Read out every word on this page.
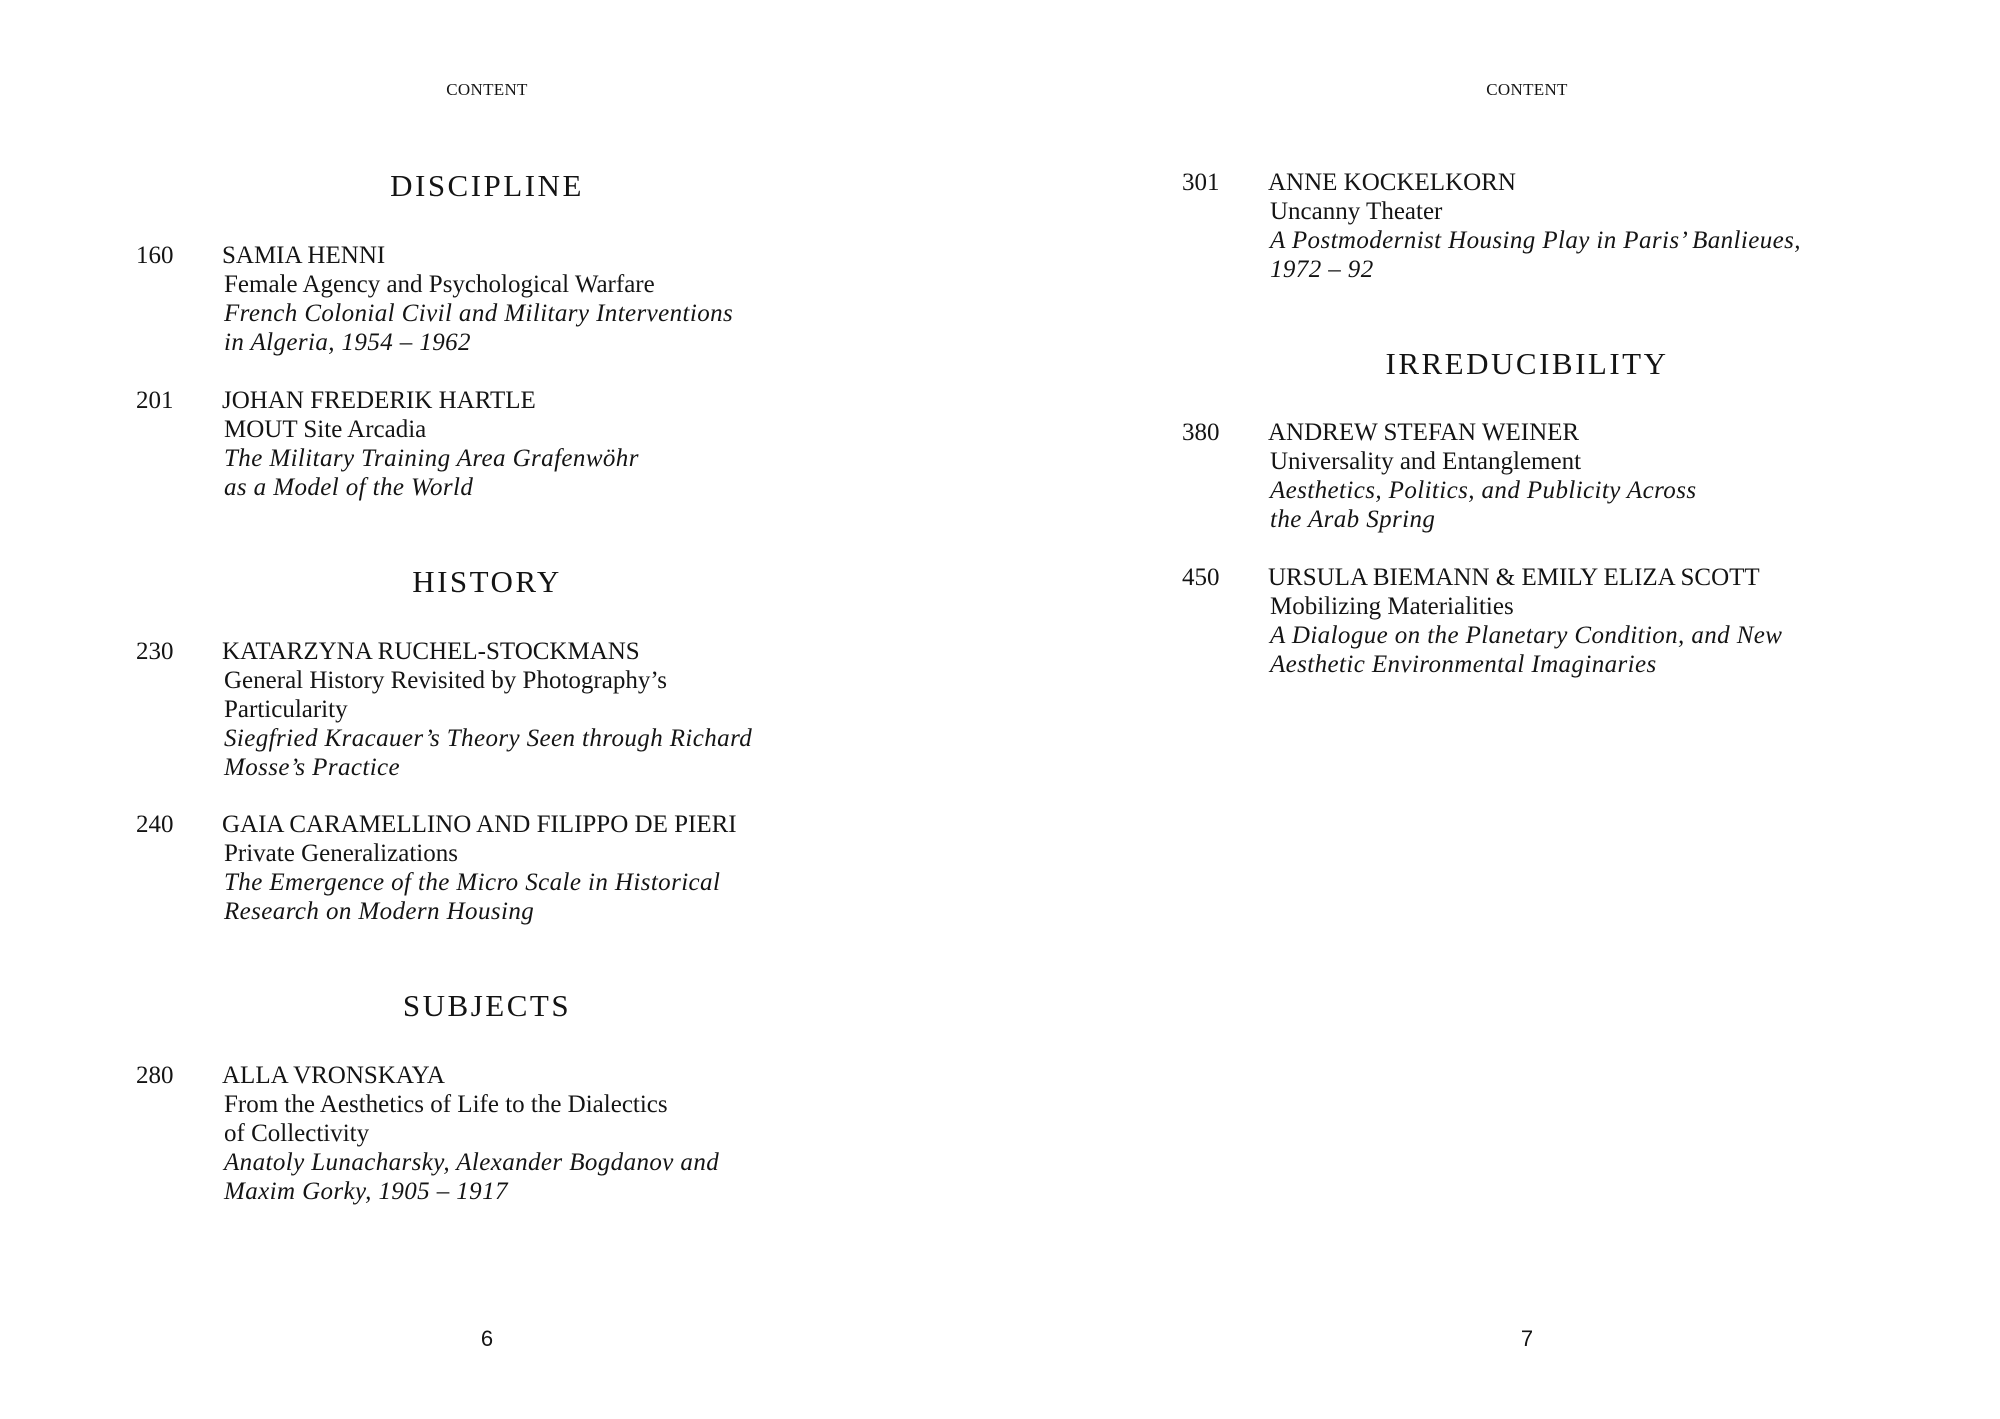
CONTENT
DISCIPLINE
160 SAMIA HENNI

Female Agency and Psychological Warfare

French Colonial Civil and Military Interventions

in Algeria, 1954 – 1962

201 JOHAN FREDERIK HARTLE

MOUT Site Arcadia

The Military Training Area Grafenwöhr

as a Model of the World

HISTORY
230 KATARZYNA RUCHEL-STOCKMANS

General History Revisited by Photography’s

Particularity

Siegfried Kracauer’s Theory Seen through Richard

Mosse’s Practice

240 GAIA CARAMELLINO AND FILIPPO DE PIERI

Private Generalizations

The Emergence of the Micro Scale in Historical

Research on Modern Housing

SUBJECTS
280 ALLA VRONSKAYA

From the Aesthetics of Life to the Dialectics

of Collectivity

Anatoly Lunacharsky, Alexander Bogdanov and

Maxim Gorky, 1905 – 1917

6
CONTENT
301 ANNE KOCKELKORN

Uncanny Theater

A Postmodernist Housing Play in Paris’ Banlieues,

1972 – 92

IRREDUCIBILITY
380 ANDREW STEFAN WEINER

Universality and Entanglement

Aesthetics, Politics, and Publicity Across

the Arab Spring

450 URSULA BIEMANN & EMILY ELIZA SCOTT

Mobilizing Materialities

A Dialogue on the Planetary Condition, and New

Aesthetic Environmental Imaginaries

7
